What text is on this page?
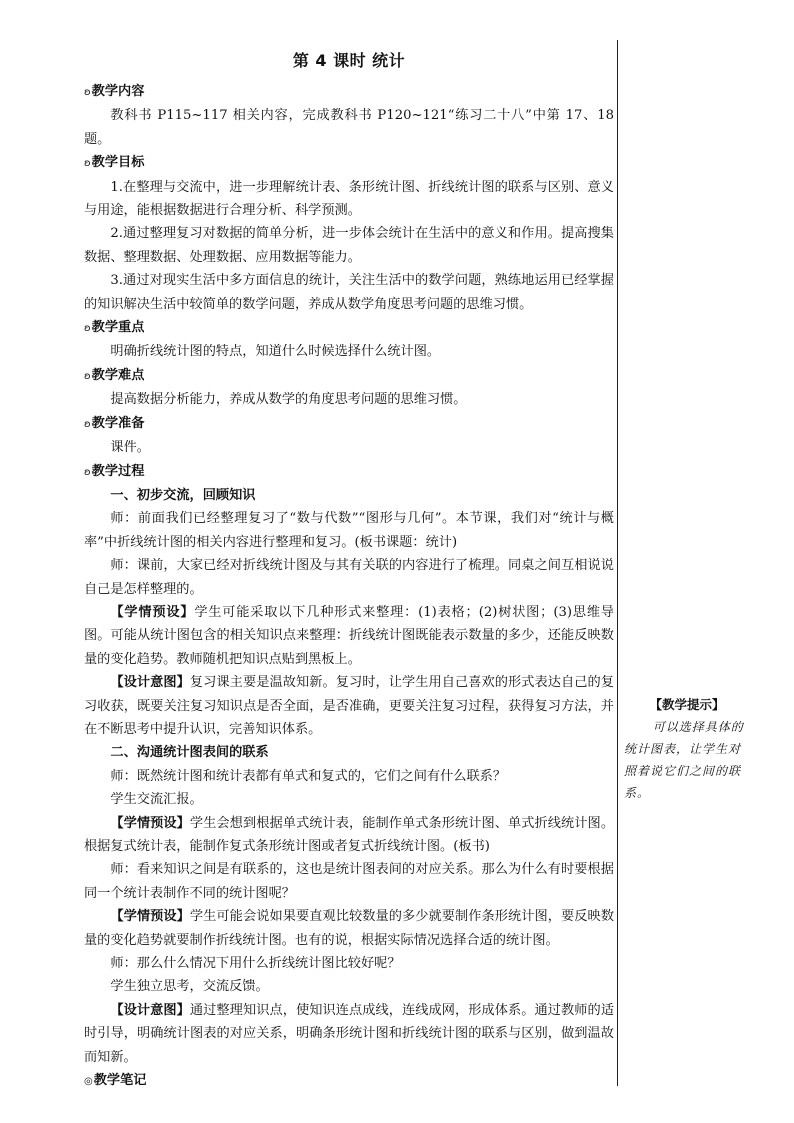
第 4 课时 统计
ʚ教学内容

教科书 P115~117 相关内容，完成教科书 P120~121“练习二十八”中第 17、18 题。

ʚ教学目标

1.在整理与交流中，进一步理解统计表、条形统计图、折线统计图的联系与区别、意义与用途，能根据数据进行合理分析、科学预测。

2.通过整理复习对数据的简单分析，进一步体会统计在生活中的意义和作用。提高搜集数据、整理数据、处理数据、应用数据等能力。

3.通过对现实生活中多方面信息的统计，关注生活中的数学问题，熟练地运用已经掌握的知识解决生活中较简单的数学问题，养成从数学角度思考问题的思维习惯。

ʚ教学重点

明确折线统计图的特点，知道什么时候选择什么统计图。

ʚ教学难点

提高数据分析能力，养成从数学的角度思考问题的思维习惯。

ʚ教学准备

课件。

ʚ教学过程

一、初步交流，回顾知识

师：前面我们已经整理复习了“数与代数”“图形与几何”。本节课，我们对“统计与概率”中折线统计图的相关内容进行整理和复习。(板书课题：统计)

师：课前，大家已经对折线统计图及与其有关联的内容进行了梳理。同桌之间互相说说自己是怎样整理的。

【学情预设】学生可能采取以下几种形式来整理：(1)表格；(2)树状图；(3)思维导图。可能从统计图包含的相关知识点来整理：折线统计图既能表示数量的多少，还能反映数量的变化趋势。教师随机把知识点贴到黑板上。

【设计意图】复习课主要是温故知新。复习时，让学生用自己喜欢的形式表达自己的复习收获，既要关注复习知识点是否全面，是否准确，更要关注复习过程，获得复习方法，并在不断思考中提升认识，完善知识体系。

二、沟通统计图表间的联系

师：既然统计图和统计表都有单式和复式的，它们之间有什么联系？

学生交流汇报。

【学情预设】学生会想到根据单式统计表，能制作单式条形统计图、单式折线统计图。根据复式统计表，能制作复式条形统计图或者复式折线统计图。(板书)

师：看来知识之间是有联系的，这也是统计图表间的对应关系。那么为什么有时要根据同一个统计表制作不同的统计图呢？

【学情预设】学生可能会说如果要直观比较数量的多少就要制作条形统计图，要反映数量的变化趋势就要制作折线统计图。也有的说，根据实际情况选择合适的统计图。

师：那么什么情况下用什么折线统计图比较好呢？

学生独立思考，交流反馈。

【设计意图】通过整理知识点，使知识连点成线，连线成网，形成体系。通过教师的适时引导，明确统计图表的对应关系，明确条形统计图和折线统计图的联系与区别，做到温故而知新。

◎教学笔记
【教学提示】

可以选择具体的统计图表，让学生对照着说它们之间的联系。
